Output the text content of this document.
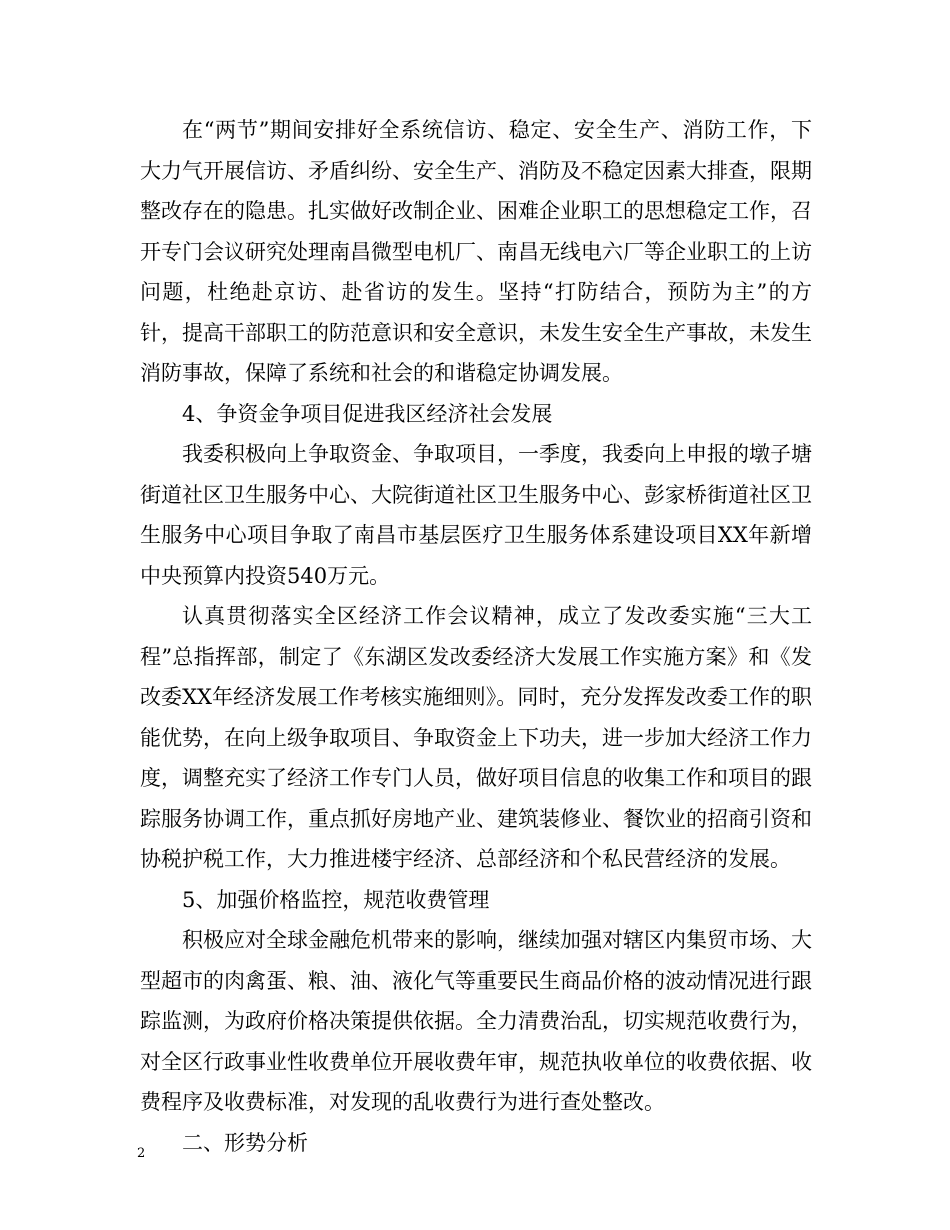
在“两节”期间安排好全系统信访、稳定、安全生产、消防工作，下大力气开展信访、矛盾纠纷、安全生产、消防及不稳定因素大排查，限期整改存在的隐患。扎实做好改制企业、困难企业职工的思想稳定工作，召开专门会议研究处理南昌微型电机厂、南昌无线电六厂等企业职工的上访问题，杜绝赴京访、赴省访的发生。坚持“打防结合，预防为主”的方针，提高干部职工的防范意识和安全意识，未发生安全生产事故，未发生消防事故，保障了系统和社会的和谐稳定协调发展。

4、争资金争项目促进我区经济社会发展

我委积极向上争取资金、争取项目，一季度，我委向上申报的墩子塘街道社区卫生服务中心、大院街道社区卫生服务中心、彭家桥街道社区卫生服务中心项目争取了南昌市基层医疗卫生服务体系建设项目XX年新增中央预算内投资540万元。

认真贯彻落实全区经济工作会议精神，成立了发改委实施“三大工程”总指挥部，制定了《东湖区发改委经济大发展工作实施方案》和《发改委XX年经济发展工作考核实施细则》。同时，充分发挥发改委工作的职能优势，在向上级争取项目、争取资金上下功夫，进一步加大经济工作力度，调整充实了经济工作专门人员，做好项目信息的收集工作和项目的跟踪服务协调工作，重点抓好房地产业、建筑装修业、餐饮业的招商引资和协税护税工作，大力推进楼宇经济、总部经济和个私民营经济的发展。

5、加强价格监控，规范收费管理

积极应对全球金融危机带来的影响，继续加强对辖区内集贸市场、大型超市的肉禽蛋、粮、油、液化气等重要民生商品价格的波动情况进行跟踪监测，为政府价格决策提供依据。全力清费治乱，切实规范收费行为，对全区行政事业性收费单位开展收费年审，规范执收单位的收费依据、收费程序及收费标准，对发现的乱收费行为进行查处整改。

二、形势分析

2
